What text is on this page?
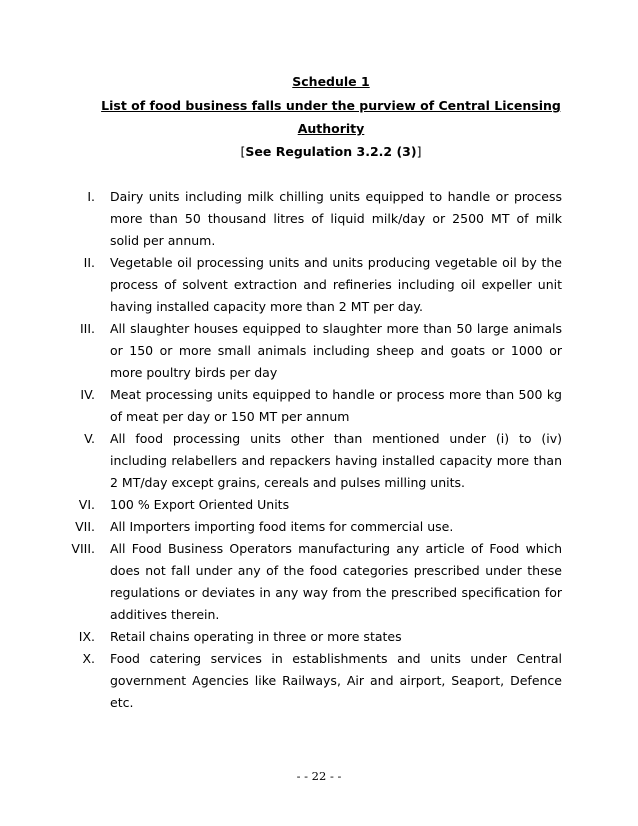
Schedule 1
List of food business falls under the purview of Central Licensing
Authority
[See Regulation 3.2.2 (3)]
I. Dairy units including milk chilling units equipped to handle or process
more than 50 thousand litres of liquid milk/day or 2500 MT of milk
solid per annum.
II. Vegetable oil processing units and units producing vegetable oil by the
process of solvent extraction and refineries including oil expeller unit
having installed capacity more than 2 MT per day.
III. All slaughter houses equipped to slaughter more than 50 large animals
or 150 or more small animals including sheep and goats or 1000 or
more poultry birds per day
IV. Meat processing units equipped to handle or process more than 500 kg
of meat per day or 150 MT per annum
V. All food processing units other than mentioned under (i) to (iv)
including relabellers and repackers having installed capacity more than
2 MT/day except grains, cereals and pulses milling units.
VI. 100 % Export Oriented Units
VII. All Importers importing food items for commercial use.
VIII. All Food Business Operators manufacturing any article of Food which
does not fall under any of the food categories prescribed under these
regulations or deviates in any way from the prescribed specification for
additives therein.
IX. Retail chains operating in three or more states
X. Food catering services in establishments and units under Central
government Agencies like Railways, Air and airport, Seaport, Defence
etc.
- - 22 - -
